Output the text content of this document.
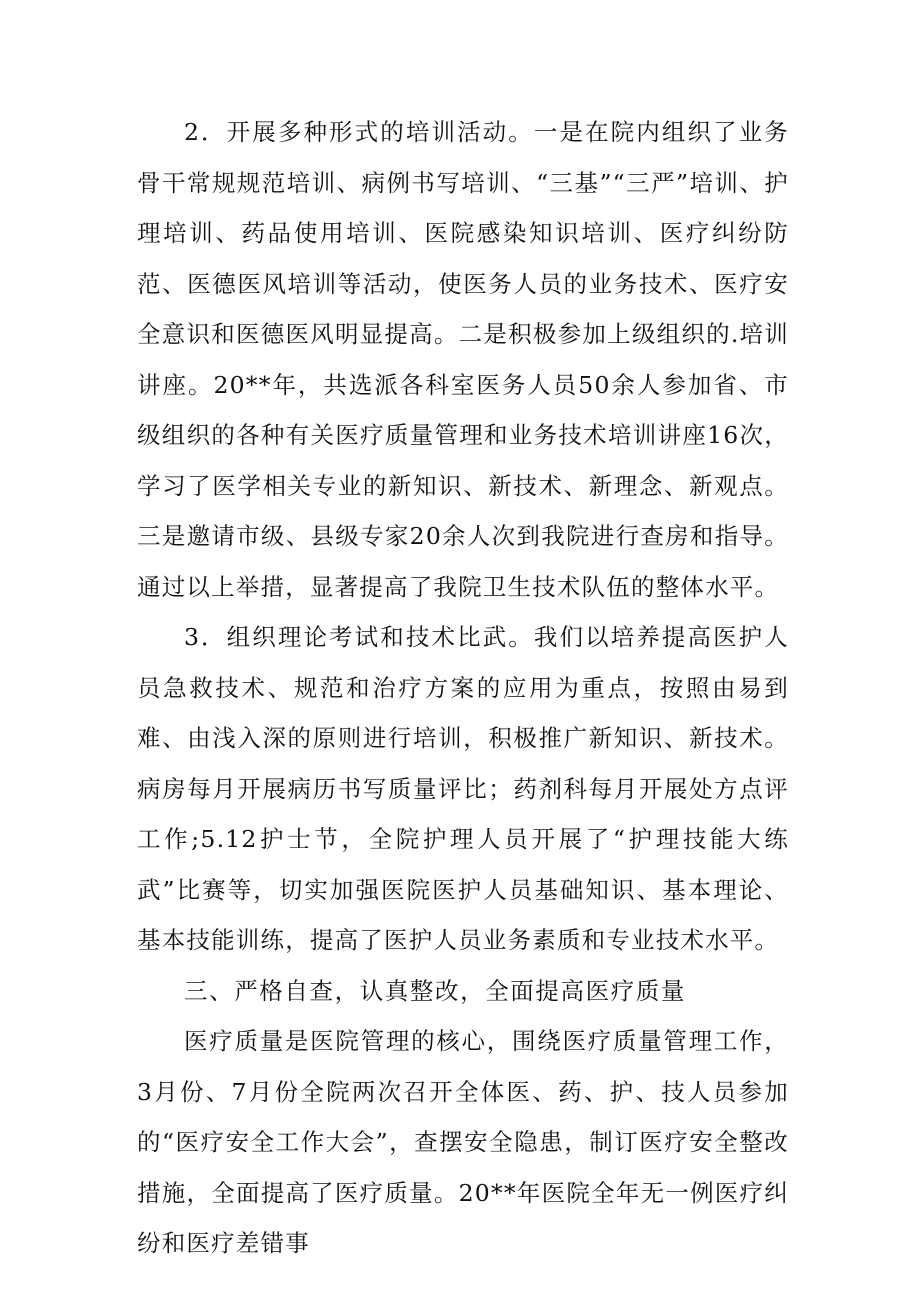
2．开展多种形式的培训活动。一是在院内组织了业务骨干常规规范培训、病例书写培训、“三基”“三严”培训、护理培训、药品使用培训、医院感染知识培训、医疗纠纷防范、医德医风培训等活动，使医务人员的业务技术、医疗安全意识和医德医风明显提高。二是积极参加上级组织的.培训讲座。20**年，共选派各科室医务人员50余人参加省、市级组织的各种有关医疗质量管理和业务技术培训讲座16次，学习了医学相关专业的新知识、新技术、新理念、新观点。三是邀请市级、县级专家20余人次到我院进行查房和指导。通过以上举措，显著提高了我院卫生技术队伍的整体水平。

3．组织理论考试和技术比武。我们以培养提高医护人员急救技术、规范和治疗方案的应用为重点，按照由易到难、由浅入深的原则进行培训，积极推广新知识、新技术。病房每月开展病历书写质量评比；药剂科每月开展处方点评工作;5.12护士节，全院护理人员开展了“护理技能大练武”比赛等，切实加强医院医护人员基础知识、基本理论、基本技能训练，提高了医护人员业务素质和专业技术水平。

三、严格自查，认真整改，全面提高医疗质量

医疗质量是医院管理的核心，围绕医疗质量管理工作，3月份、7月份全院两次召开全体医、药、护、技人员参加的“医疗安全工作大会”，查摆安全隐患，制订医疗安全整改措施，全面提高了医疗质量。20**年医院全年无一例医疗纠纷和医疗差错事
